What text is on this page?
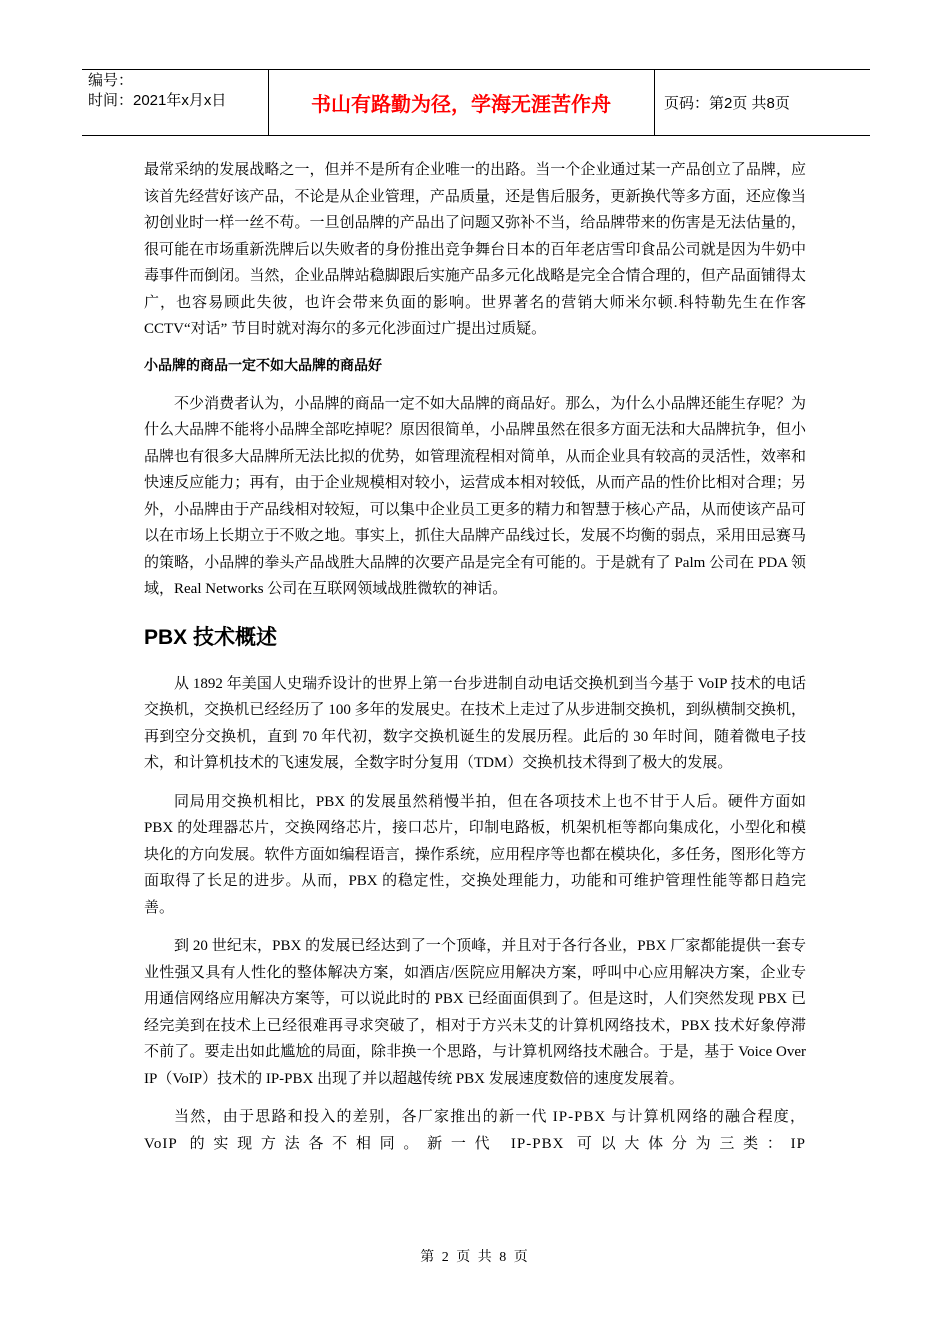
编号：
时间：2021年x月x日	书山有路勤为径，学海无涯苦作舟	页码：第2页 共8页

最常采纳的发展战略之一，但并不是所有企业唯一的出路。当一个企业通过某一产品创立了品牌，应该首先经营好该产品，不论是从企业管理，产品质量，还是售后服务，更新换代等多方面，还应像当初创业时一样一丝不苟。一旦创品牌的产品出了问题又弥补不当，给品牌带来的伤害是无法估量的，很可能在市场重新洗牌后以失败者的身份推出竞争舞台日本的百年老店雪印食品公司就是因为牛奶中毒事件而倒闭。当然，企业品牌站稳脚跟后实施产品多元化战略是完全合情合理的，但产品面铺得太广，也容易顾此失彼，也许会带来负面的影响。世界著名的营销大师米尔顿.科特勒先生在作客CCTV“对话” 节目时就对海尔的多元化涉面过广提出过质疑。

小品牌的商品一定不如大品牌的商品好

不少消费者认为，小品牌的商品一定不如大品牌的商品好。那么，为什么小品牌还能生存呢？为什么大品牌不能将小品牌全部吃掉呢？原因很简单，小品牌虽然在很多方面无法和大品牌抗争，但小品牌也有很多大品牌所无法比拟的优势，如管理流程相对简单，从而企业具有较高的灵活性，效率和快速反应能力；再有，由于企业规模相对较小，运营成本相对较低，从而产品的性价比相对合理；另外，小品牌由于产品线相对较短，可以集中企业员工更多的精力和智慧于核心产品，从而使该产品可以在市场上长期立于不败之地。事实上，抓住大品牌产品线过长，发展不均衡的弱点，采用田忌赛马的策略，小品牌的拳头产品战胜大品牌的次要产品是完全有可能的。于是就有了 Palm 公司在 PDA 领域，Real Networks 公司在互联网领域战胜微软的神话。

PBX 技术概述

从 1892 年美国人史瑞乔设计的世界上第一台步进制自动电话交换机到当今基于 VoIP 技术的电话交换机，交换机已经经历了 100 多年的发展史。在技术上走过了从步进制交换机，到纵横制交换机，再到空分交换机，直到 70 年代初，数字交换机诞生的发展历程。此后的 30 年时间，随着微电子技术，和计算机技术的飞速发展，全数字时分复用（TDM）交换机技术得到了极大的发展。

同局用交换机相比，PBX 的发展虽然稍慢半拍，但在各项技术上也不甘于人后。硬件方面如 PBX 的处理器芯片，交换网络芯片，接口芯片，印制电路板，机架机柜等都向集成化，小型化和模块化的方向发展。软件方面如编程语言，操作系统，应用程序等也都在模块化，多任务，图形化等方面取得了长足的进步。从而，PBX 的稳定性，交换处理能力，功能和可维护管理性能等都日趋完善。

到 20 世纪末，PBX 的发展已经达到了一个顶峰，并且对于各行各业，PBX 厂家都能提供一套专业性强又具有人性化的整体解决方案，如酒店/医院应用解决方案，呼叫中心应用解决方案，企业专用通信网络应用解决方案等，可以说此时的 PBX 已经面面俱到了。但是这时，人们突然发现 PBX 已经完美到在技术上已经很难再寻求突破了，相对于方兴未艾的计算机网络技术，PBX 技术好象停滞不前了。要走出如此尴尬的局面，除非换一个思路，与计算机网络技术融合。于是，基于 Voice Over IP（VoIP）技术的 IP-PBX 出现了并以超越传统 PBX 发展速度数倍的速度发展着。

当然，由于思路和投入的差别，各厂家推出的新一代 IP-PBX 与计算机网络的融合程度，VoIP 的实现方法各不相同。新一代 IP-PBX 可以大体分为三类：IP

第 2 页 共 8 页
